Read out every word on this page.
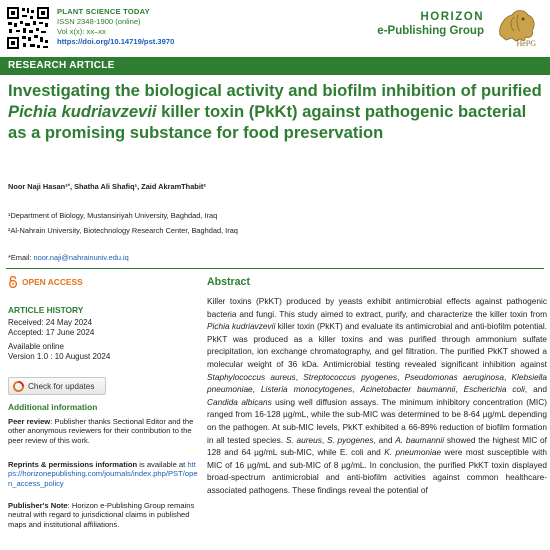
PLANT SCIENCE TODAY
ISSN 2348-1900 (online)
Vol x(x): xx–xx
https://doi.org/10.14719/pst.3970
HORIZON
e-Publishing Group
HePG
RESEARCH ARTICLE
Investigating the biological activity and biofilm inhibition of purified Pichia kudriavzevii killer toxin (PkKt) against pathogenic bacterial as a promising substance for food preservation
Noor Naji Hasan¹˟, Shatha Ali Shafiq¹, Zaid AkramThabit²
¹Department of Biology, Mustansiriyah University, Baghdad, Iraq
²Al-Nahrain University, Biotechnology Research Center, Baghdad, Iraq
*Email: noor.naji@nahrainuniv.edu.iq
OPEN ACCESS
ARTICLE HISTORY
Received: 24 May 2024
Accepted: 17 June 2024
Available online
Version 1.0 : 10 August 2024
Check for updates
Additional information
Peer review: Publisher thanks Sectional Editor and the other anonymous reviewers for their contribution to the peer review of this work.
Reprints & permissions information is available at https://horizonepublishing.com/journals/index.php/PST/open_access_policy
Publisher's Note: Horizon e-Publishing Group remains neutral with regard to jurisdictional claims in published maps and institutional affiliations.
Abstract
Killer toxins (PkKT) produced by yeasts exhibit antimicrobial effects against pathogenic bacteria and fungi. This study aimed to extract, purify, and characterize the killer toxin from Pichia kudriavzevii killer toxin (PkKT) and evaluate its antimicrobial and anti-biofilm potential. PkKT was produced as a killer toxins and was purified through ammonium sulfate precipitation, ion exchange chromatography, and gel filtration. The purified PkKT showed a molecular weight of 36 kDa. Antimicrobial testing revealed significant inhibition against Staphylococcus aureus, Streptococcus pyogenes, Pseudomonas aeruginosa, Klebsiella pneumoniae, Listeria monocytogenes, Acinetobacter baumannii, Escherichia coli, and Candida albicans using well diffusion assays. The minimum inhibitory concentration (MIC) ranged from 16-128 µg/mL, while the sub-MIC was determined to be 8-64 µg/mL depending on the pathogen. At sub-MIC levels, PkKT exhibited a 66-89% reduction of biofilm formation in all tested species. S. aureus, S. pyogenes, and A. baumannii showed the highest MIC of 128 and 64 µg/mL sub-MIC, while E. coli and K. pneumoniae were most susceptible with MIC of 16 µg/mL and sub-MIC of 8 µg/mL. In conclusion, the purified PkKT toxin displayed broad-spectrum antimicrobial and anti-biofilm activities against common healthcare-associated pathogens. These findings reveal the potential of
